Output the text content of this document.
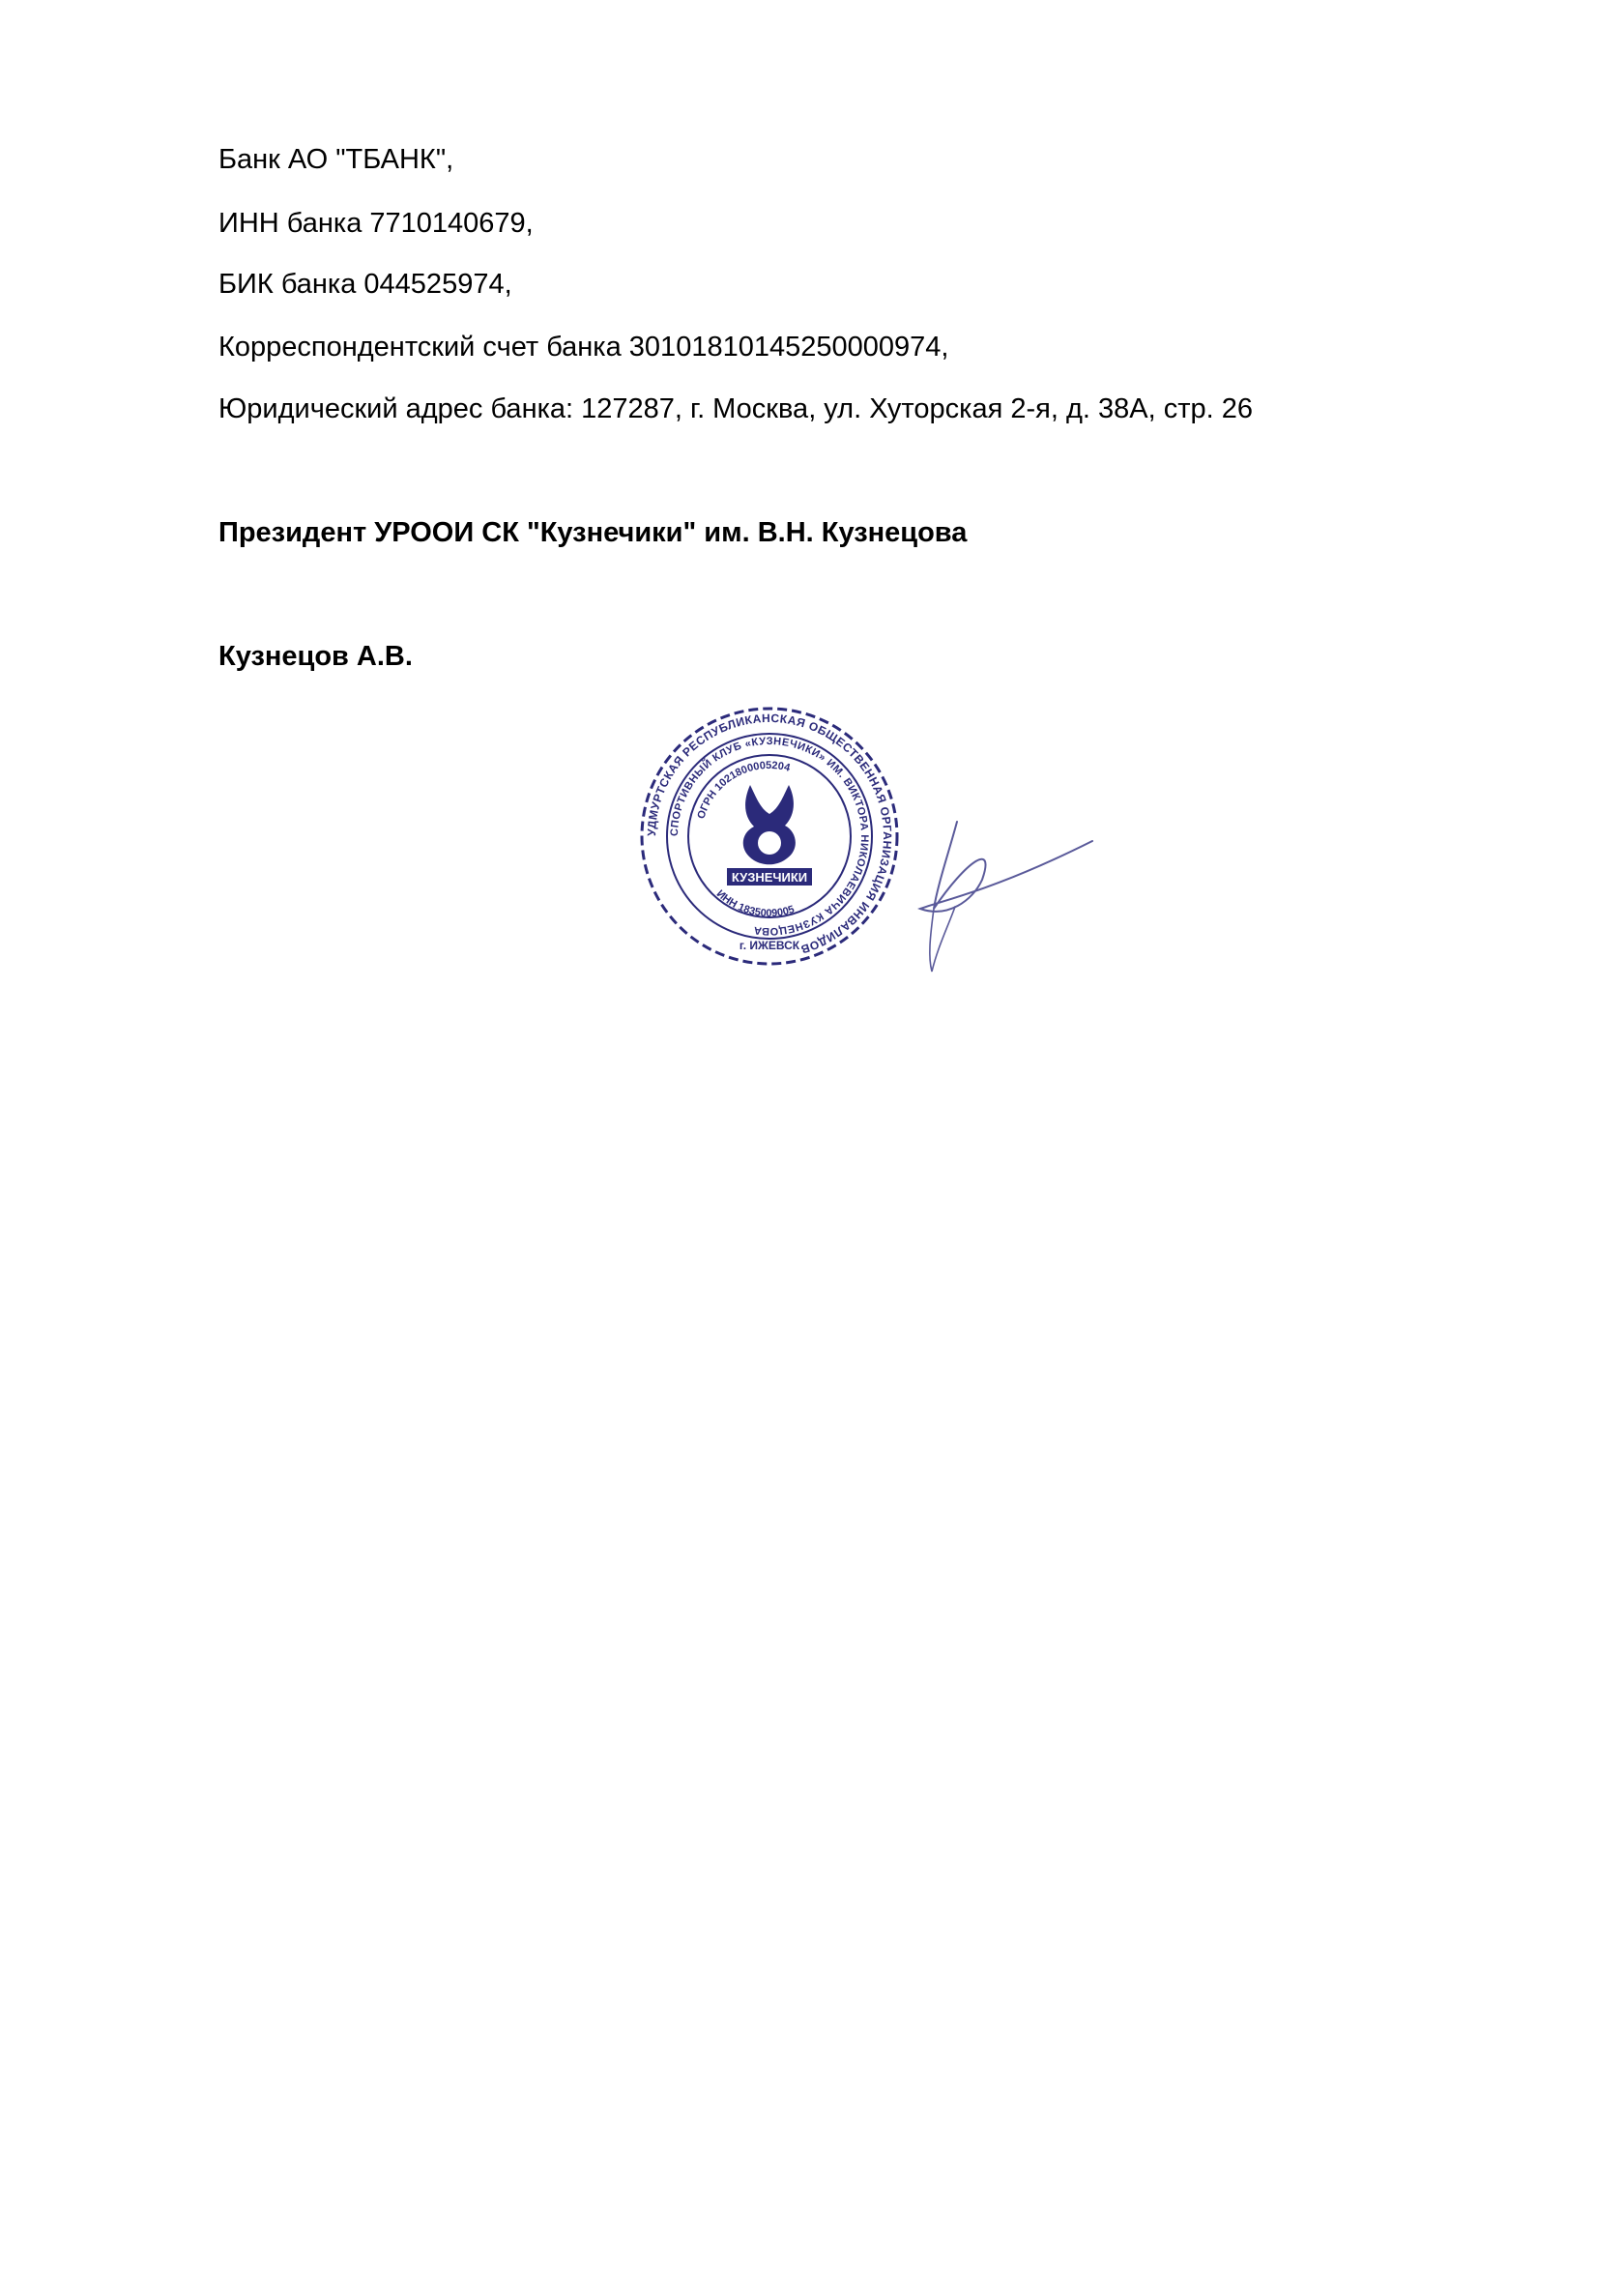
Банк АО "ТБАНК",
ИНН банка 7710140679,
БИК банка 044525974,
Корреспондентский счет банка 30101810145250000974,
Юридический адрес банка: 127287, г. Москва, ул. Хуторская 2-я, д. 38А, стр. 26
Президент УРООИ СК "Кузнечики" им. В.Н. Кузнецова
Кузнецов А.В.
УДМУРТСКАЯ РЕСПУБЛИКАНСКАЯ ОБЩЕСТВЕННАЯ ОРГАНИЗАЦИЯ ИНВАЛИДОВ
СПОРТИВНЫЙ КЛУБ «КУЗНЕЧИКИ» ИМ. ВИКТОРА НИКОЛАЕВИЧА КУЗНЕЦОВА
ОГРН 1021800005204
ИНН 1835009005
г. ИЖЕВСК
КУЗНЕЧИКИ
